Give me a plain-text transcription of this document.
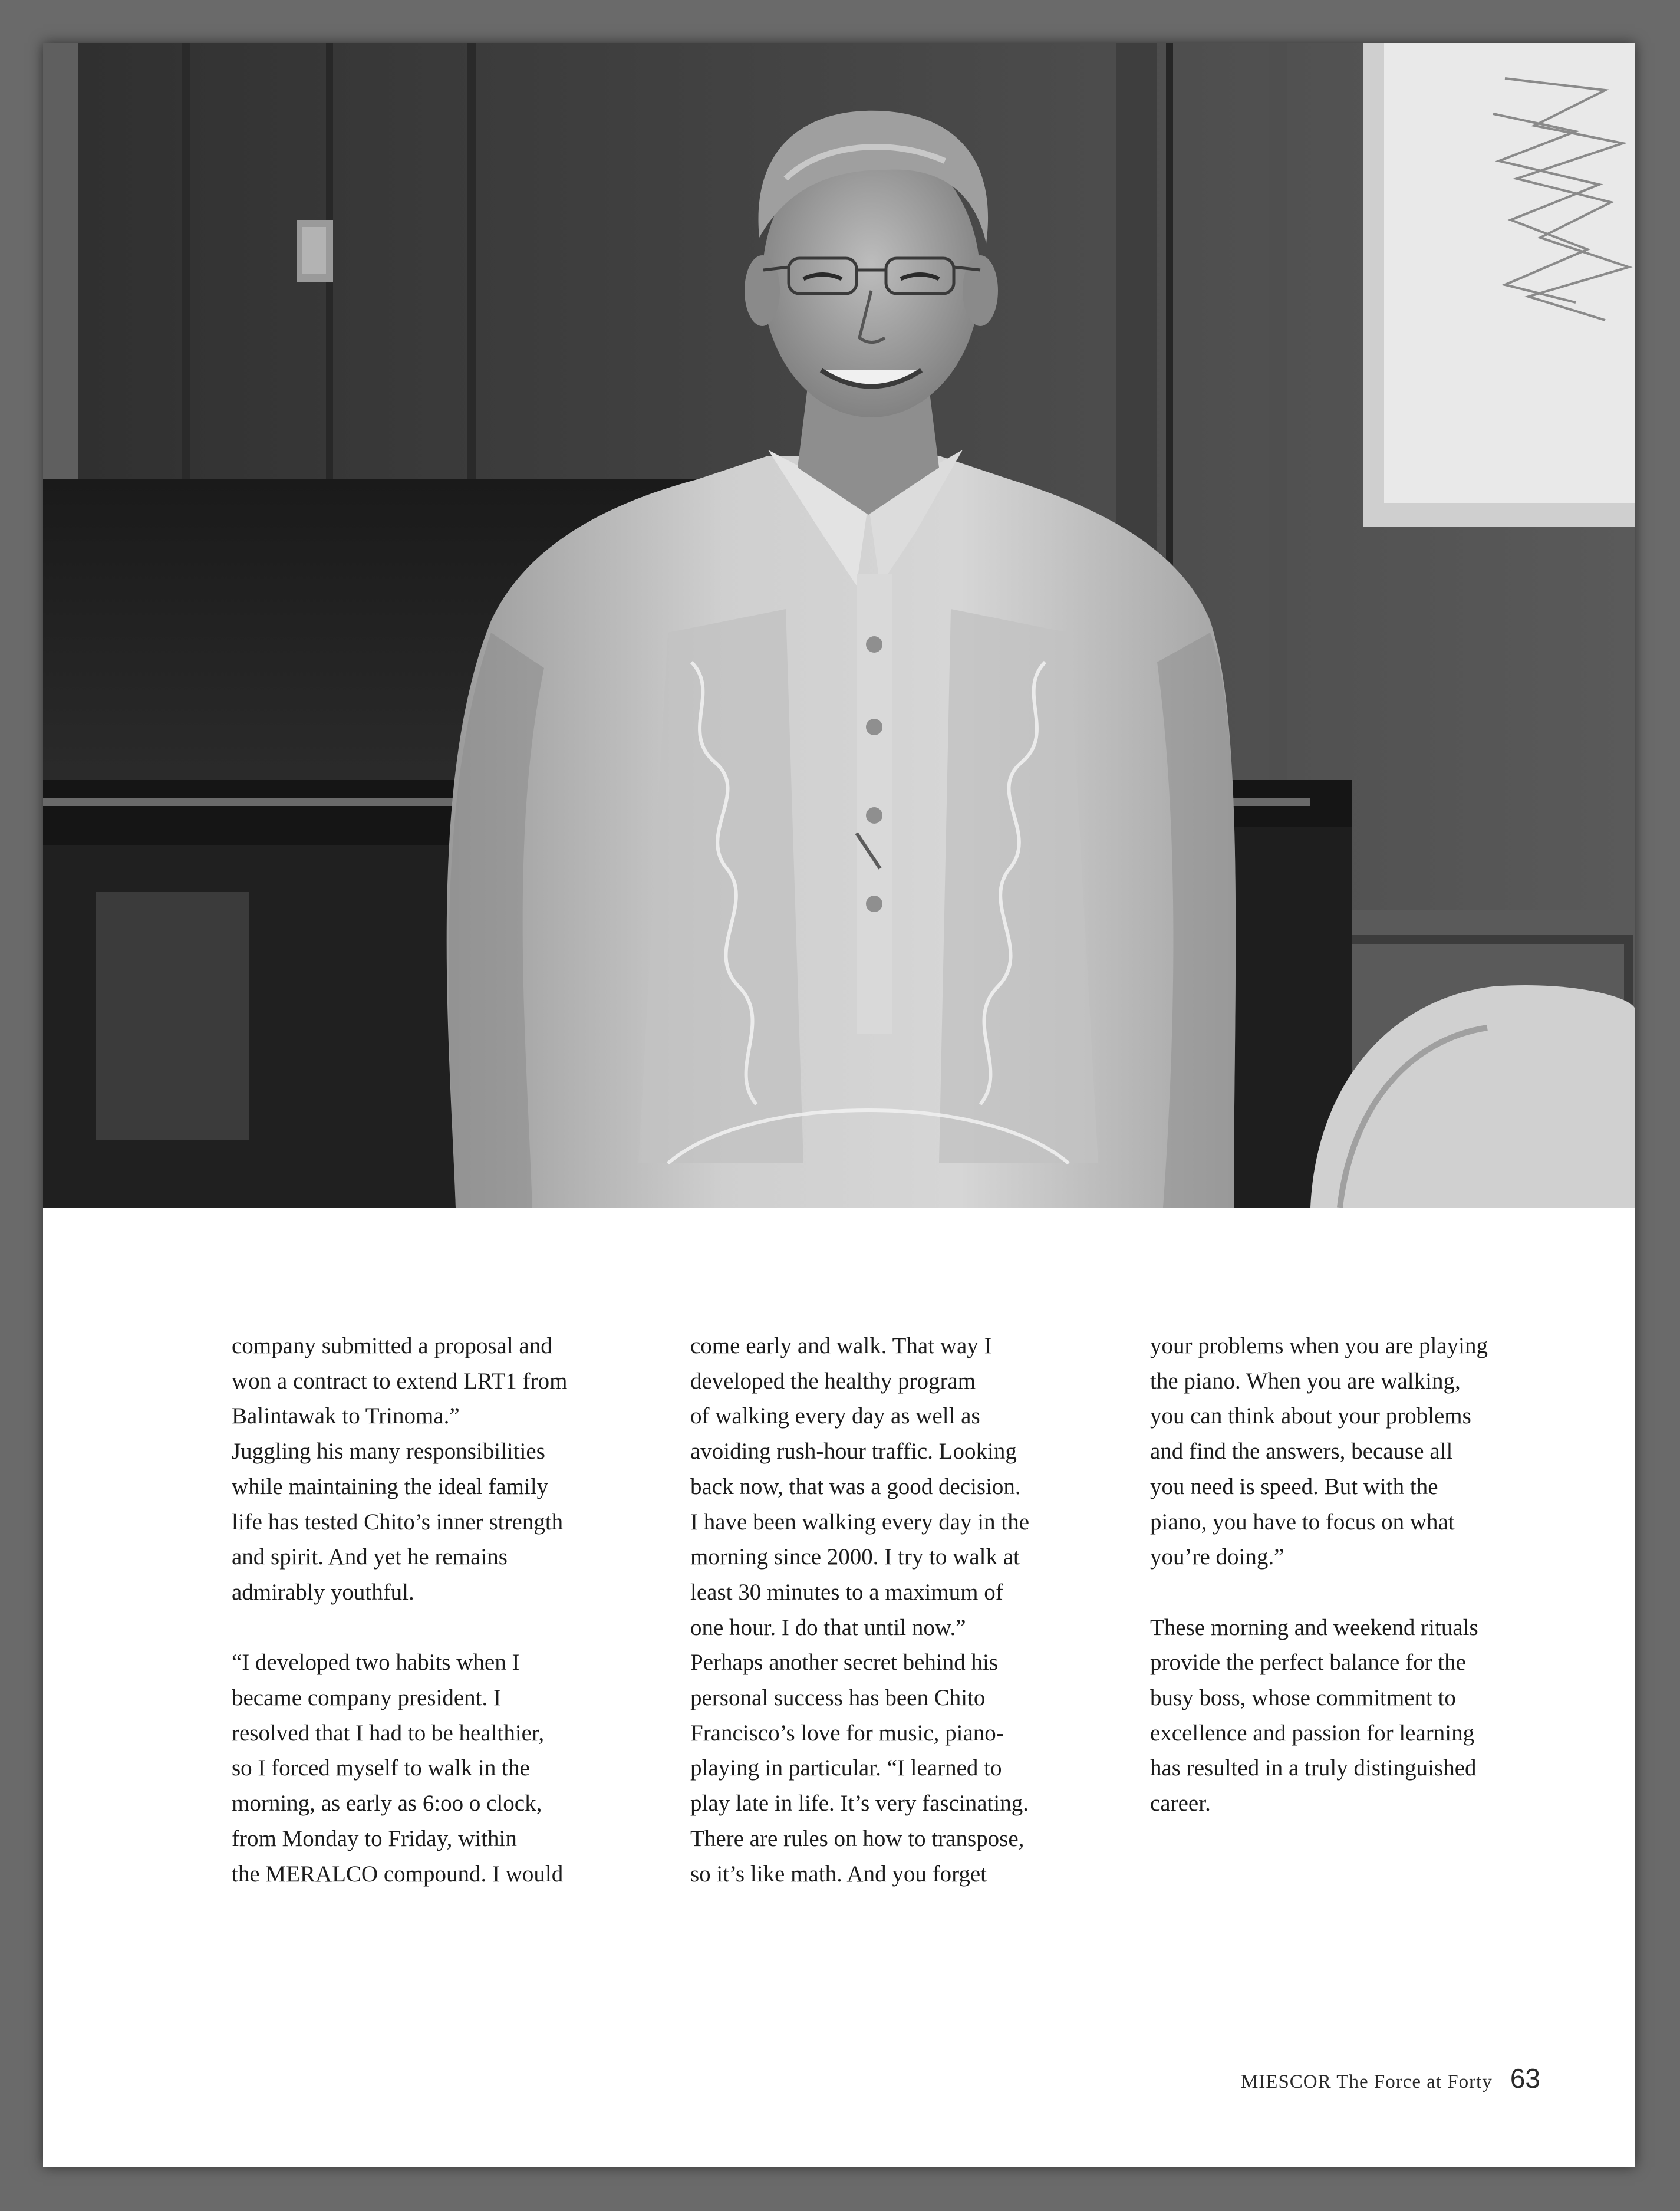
company submitted a proposal and
won a contract to extend LRT1 from
Balintawak to Trinoma.”
Juggling his many responsibilities
while maintaining the ideal family
life has tested Chito’s inner strength
and spirit. And yet he remains
admirably youthful.

“I developed two habits when I
became company president. I
resolved that I had to be healthier,
so I forced myself to walk in the
morning, as early as 6:oo o clock,
from Monday to Friday, within
the MERALCO compound. I would

come early and walk. That way I
developed the healthy program
of walking every day as well as
avoiding rush-hour traffic. Looking
back now, that was a good decision.
I have been walking every day in the
morning since 2000. I try to walk at
least 30 minutes to a maximum of
one hour. I do that until now.”
Perhaps another secret behind his
personal success has been Chito
Francisco’s love for music, piano-
playing in particular. “I learned to
play late in life. It’s very fascinating.
There are rules on how to transpose,
so it’s like math. And you forget

your problems when you are playing
the piano. When you are walking,
you can think about your problems
and find the answers, because all
you need is speed. But with the
piano, you have to focus on what
you’re doing.”

These morning and weekend rituals
provide the perfect balance for the
busy boss, whose commitment to
excellence and passion for learning
has resulted in a truly distinguished
career.

MIESCOR The Force at Forty 63
